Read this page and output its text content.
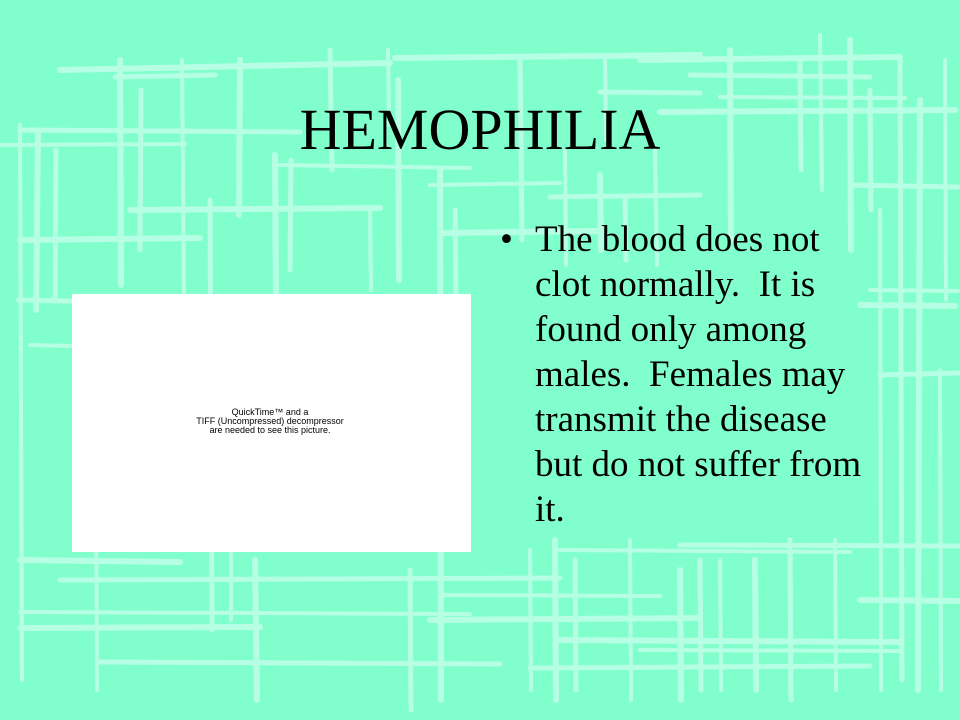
HEMOPHILIA
QuickTime™ and a
TIFF (Uncompressed) decompressor
are needed to see this picture.
• The blood does not
clot normally.  It is
found only among
males.  Females may
transmit the disease
but do not suffer from
it.
